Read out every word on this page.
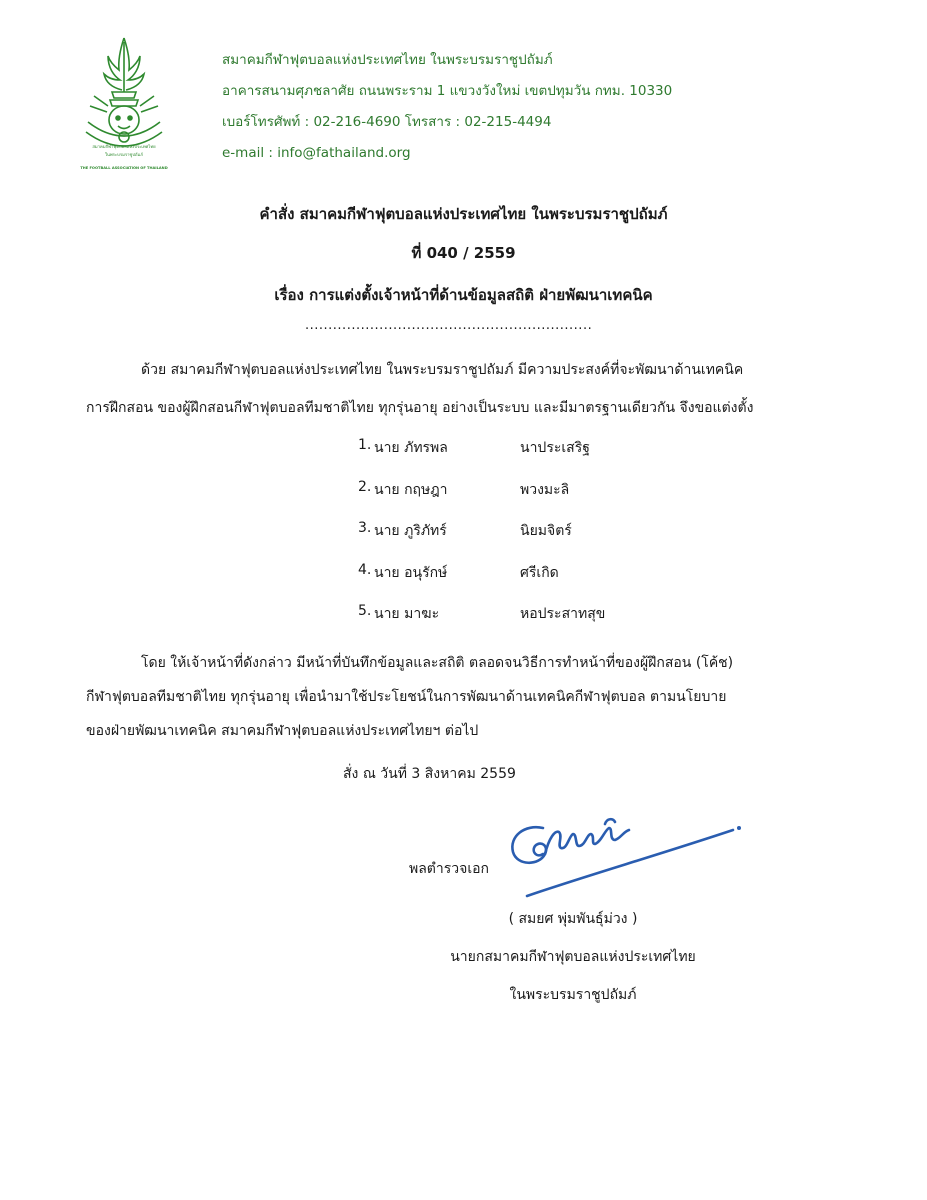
สมาคมกีฬาฟุตบอลแห่งประเทศไทย
ในพระบรมราชูปถัมภ์
THE FOOTBALL ASSOCIATION OF THAILAND
สมาคมกีฬาฟุตบอลแห่งประเทศไทย ในพระบรมราชูปถัมภ์
อาคารสนามศุภชลาศัย ถนนพระราม 1 แขวงวังใหม่ เขตปทุมวัน กทม. 10330
เบอร์โทรศัพท์ : 02-216-4690 โทรสาร : 02-215-4494
e-mail : info@fathailand.org
คำสั่ง สมาคมกีฬาฟุตบอลแห่งประเทศไทย ในพระบรมราชูปถัมภ์
ที่ 040 / 2559
เรื่อง การแต่งตั้งเจ้าหน้าที่ด้านข้อมูลสถิติ ฝ่ายพัฒนาเทคนิค
..............................................................
ด้วย สมาคมกีฬาฟุตบอลแห่งประเทศไทย ในพระบรมราชูปถัมภ์ มีความประสงค์ที่จะพัฒนาด้านเทคนิค
การฝึกสอน ของผู้ฝึกสอนกีฬาฟุตบอลทีมชาติไทย ทุกรุ่นอายุ อย่างเป็นระบบ และมีมาตรฐานเดียวกัน จึงขอแต่งตั้ง
1. นาย ภัทรพล	นาประเสริฐ
2. นาย กฤษฎา	พวงมะลิ
3. นาย ภูริภัทร์	นิยมจิตร์
4. นาย อนุรักษ์	ศรีเกิด
5. นาย มาฆะ	หอประสาทสุข
โดย ให้เจ้าหน้าที่ดังกล่าว มีหน้าที่บันทึกข้อมูลและสถิติ ตลอดจนวิธีการทำหน้าที่ของผู้ฝึกสอน (โค้ช)
กีฬาฟุตบอลทีมชาติไทย ทุกรุ่นอายุ เพื่อนำมาใช้ประโยชน์ในการพัฒนาด้านเทคนิคกีฬาฟุตบอล ตามนโยบาย
ของฝ่ายพัฒนาเทคนิค สมาคมกีฬาฟุตบอลแห่งประเทศไทยฯ ต่อไป
สั่ง ณ วันที่ 3 สิงหาคม 2559
พลตำรวจเอก
( สมยศ พุ่มพันธุ์ม่วง )
นายกสมาคมกีฬาฟุตบอลแห่งประเทศไทย
ในพระบรมราชูปถัมภ์
